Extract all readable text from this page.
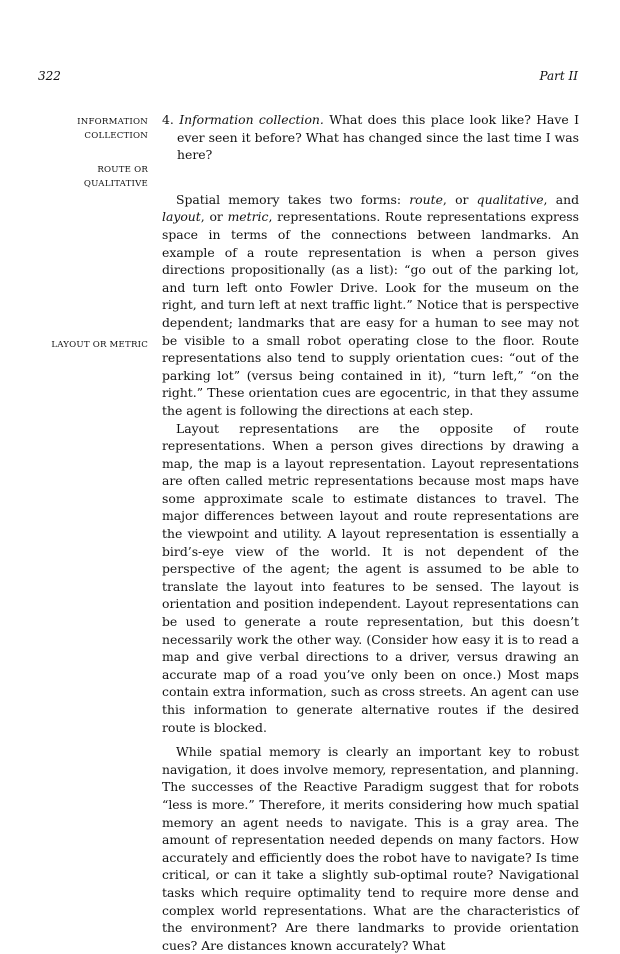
322	Part II
INFORMATION
COLLECTION
ROUTE OR
QUALITATIVE
LAYOUT OR METRIC

4. Information collection. What does this place look like? Have I ever seen it before? What has changed since the last time I was here?

Spatial memory takes two forms: route, or qualitative, and layout, or metric, representations. Route representations express space in terms of the connections between landmarks. An example of a route representation is when a person gives directions propositionally (as a list): “go out of the parking lot, and turn left onto Fowler Drive. Look for the museum on the right, and turn left at next traffic light.” Notice that is perspective dependent; landmarks that are easy for a human to see may not be visible to a small robot operating close to the floor. Route representations also tend to supply orientation cues: “out of the parking lot” (versus being contained in it), “turn left,” “on the right.” These orientation cues are egocentric, in that they assume the agent is following the directions at each step.

Layout representations are the opposite of route representations. When a person gives directions by drawing a map, the map is a layout representation. Layout representations are often called metric representations because most maps have some approximate scale to estimate distances to travel. The major differences between layout and route representations are the viewpoint and utility. A layout representation is essentially a bird’s-eye view of the world. It is not dependent of the perspective of the agent; the agent is assumed to be able to translate the layout into features to be sensed. The layout is orientation and position independent. Layout representations can be used to generate a route representation, but this doesn’t necessarily work the other way. (Consider how easy it is to read a map and give verbal directions to a driver, versus drawing an accurate map of a road you’ve only been on once.) Most maps contain extra information, such as cross streets. An agent can use this information to generate alternative routes if the desired route is blocked.

While spatial memory is clearly an important key to robust navigation, it does involve memory, representation, and planning. The successes of the Reactive Paradigm suggest that for robots “less is more.” Therefore, it merits considering how much spatial memory an agent needs to navigate. This is a gray area. The amount of representation needed depends on many factors. How accurately and efficiently does the robot have to navigate? Is time critical, or can it take a slightly sub-optimal route? Navigational tasks which require optimality tend to require more dense and complex world representations. What are the characteristics of the environment? Are there landmarks to provide orientation cues? Are distances known accurately? What
